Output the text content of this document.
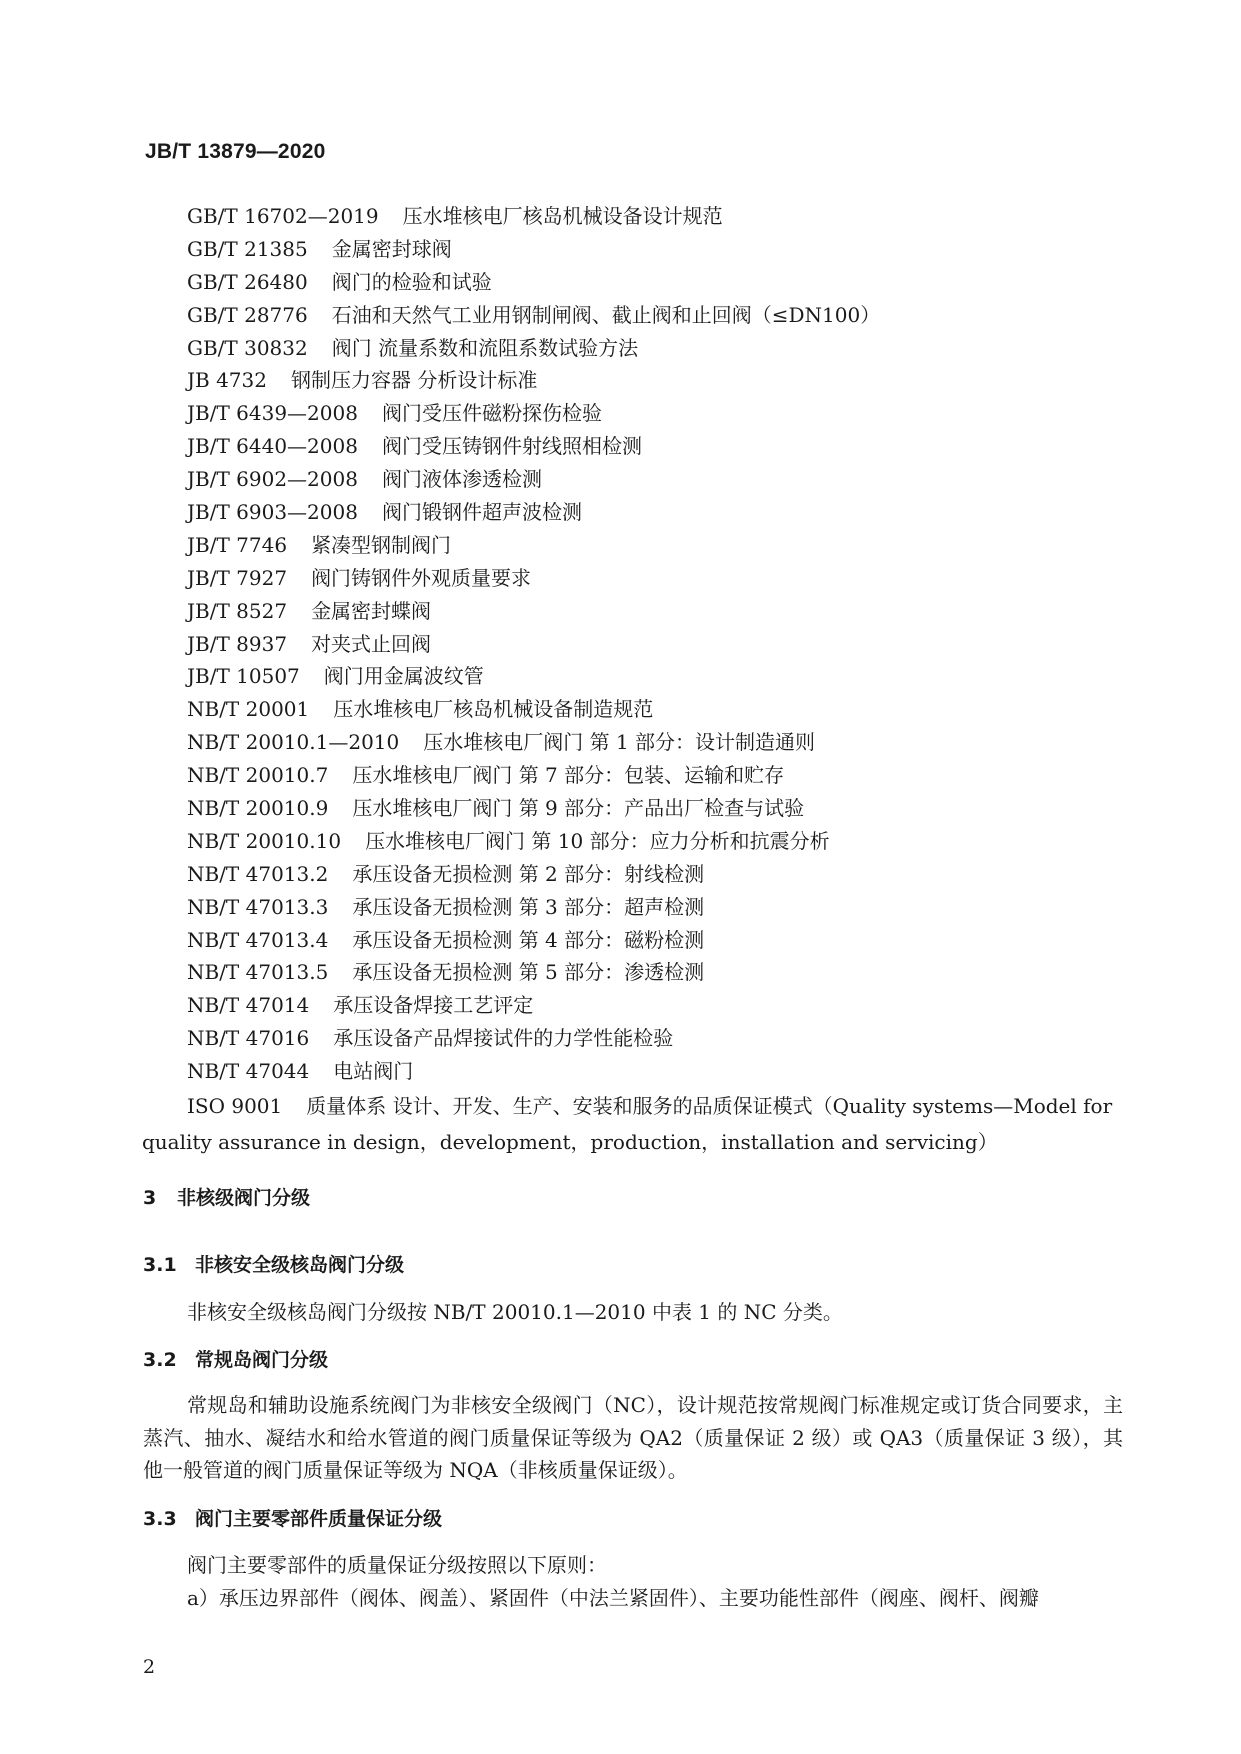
JB/T 13879—2020
GB/T 16702—2019 压水堆核电厂核岛机械设备设计规范
GB/T 21385 金属密封球阀
GB/T 26480 阀门的检验和试验
GB/T 28776 石油和天然气工业用钢制闸阀、截止阀和止回阀（≤DN100）
GB/T 30832 阀门 流量系数和流阻系数试验方法
JB 4732 钢制压力容器 分析设计标准
JB/T 6439—2008 阀门受压件磁粉探伤检验
JB/T 6440—2008 阀门受压铸钢件射线照相检测
JB/T 6902—2008 阀门液体渗透检测
JB/T 6903—2008 阀门锻钢件超声波检测
JB/T 7746 紧凑型钢制阀门
JB/T 7927 阀门铸钢件外观质量要求
JB/T 8527 金属密封蝶阀
JB/T 8937 对夹式止回阀
JB/T 10507 阀门用金属波纹管
NB/T 20001 压水堆核电厂核岛机械设备制造规范
NB/T 20010.1—2010 压水堆核电厂阀门 第 1 部分：设计制造通则
NB/T 20010.7 压水堆核电厂阀门 第 7 部分：包装、运输和贮存
NB/T 20010.9 压水堆核电厂阀门 第 9 部分：产品出厂检查与试验
NB/T 20010.10 压水堆核电厂阀门 第 10 部分：应力分析和抗震分析
NB/T 47013.2 承压设备无损检测 第 2 部分：射线检测
NB/T 47013.3 承压设备无损检测 第 3 部分：超声检测
NB/T 47013.4 承压设备无损检测 第 4 部分：磁粉检测
NB/T 47013.5 承压设备无损检测 第 5 部分：渗透检测
NB/T 47014 承压设备焊接工艺评定
NB/T 47016 承压设备产品焊接试件的力学性能检验
NB/T 47044 电站阀门
ISO 9001 质量体系 设计、开发、生产、安装和服务的品质保证模式（Quality systems—Model for
quality assurance in design，development，production，installation and servicing）
3 非核级阀门分级
3.1 非核安全级核岛阀门分级
非核安全级核岛阀门分级按 NB/T 20010.1—2010 中表 1 的 NC 分类。
3.2 常规岛阀门分级
常规岛和辅助设施系统阀门为非核安全级阀门（NC），设计规范按常规阀门标准规定或订货合同要求，主蒸汽、抽水、凝结水和给水管道的阀门质量保证等级为 QA2（质量保证 2 级）或 QA3（质量保证 3 级），其他一般管道的阀门质量保证等级为 NQA（非核质量保证级）。
3.3 阀门主要零部件质量保证分级
阀门主要零部件的质量保证分级按照以下原则：
a）承压边界部件（阀体、阀盖）、紧固件（中法兰紧固件）、主要功能性部件（阀座、阀杆、阀瓣
2
